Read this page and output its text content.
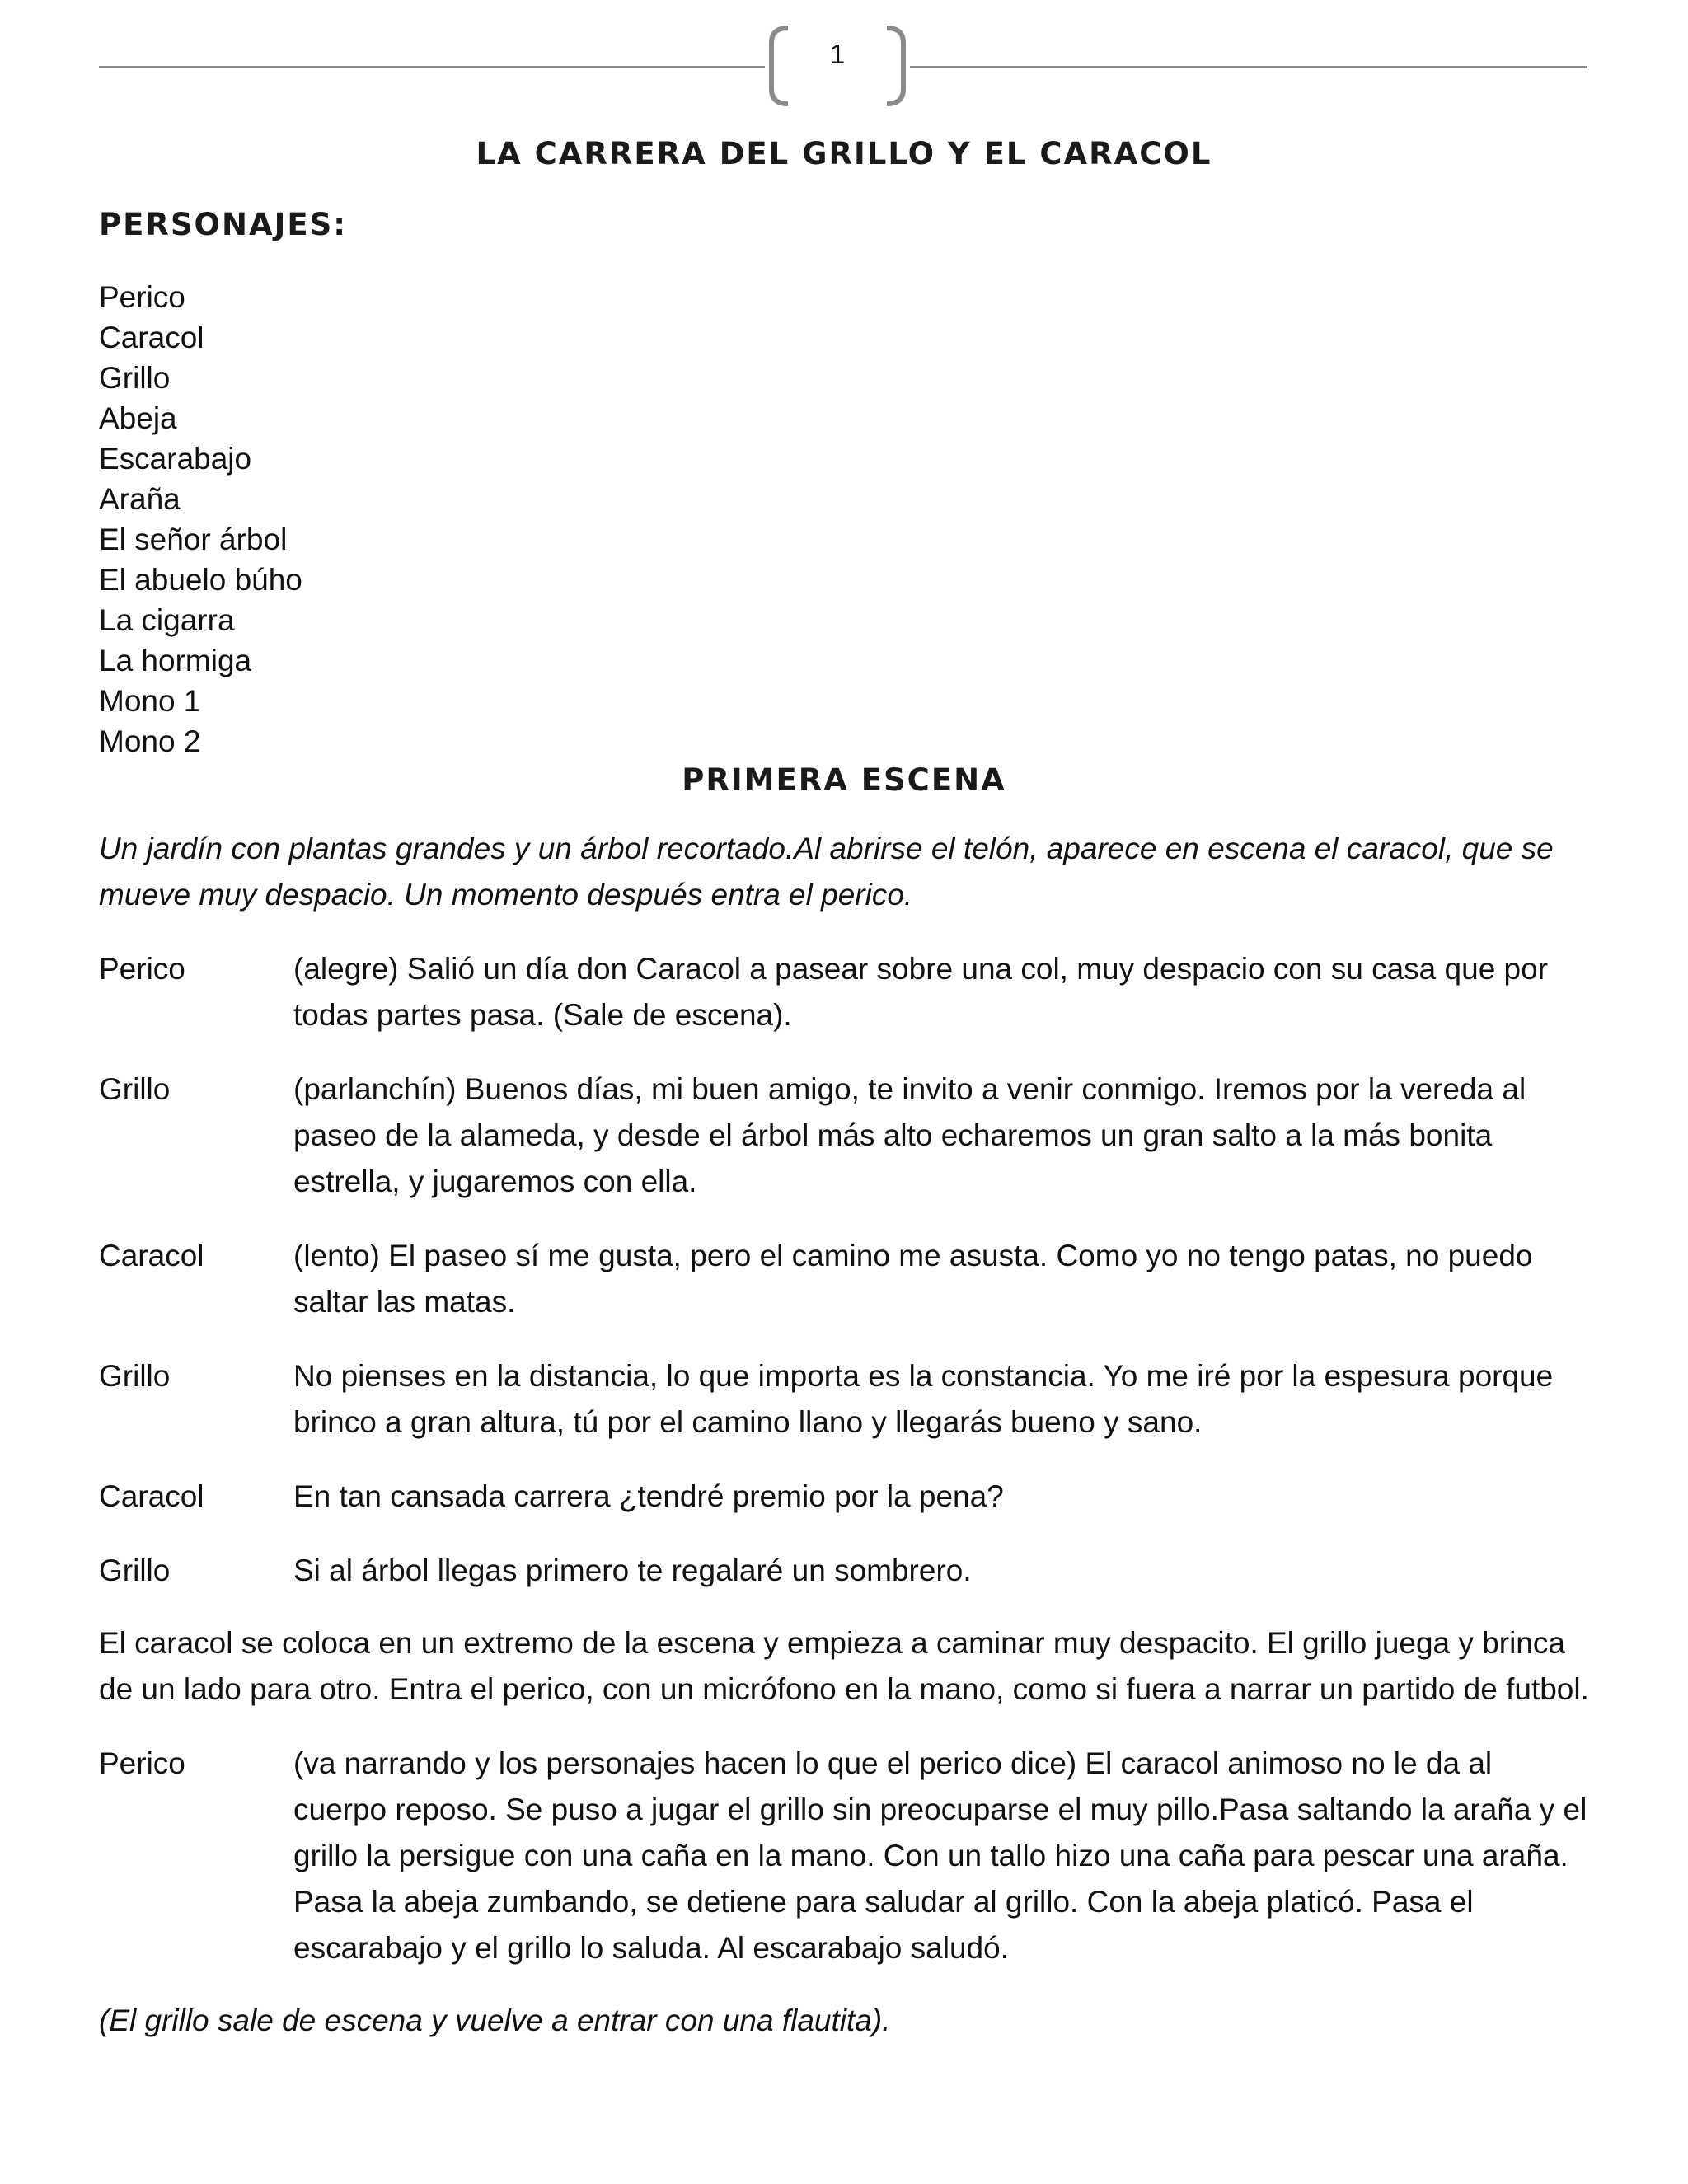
1
LA CARRERA DEL GRILLO Y EL CARACOL
PERSONAJES:
Perico
Caracol
Grillo
Abeja
Escarabajo
Araña
El señor árbol
El abuelo búho
La cigarra
La hormiga
Mono 1
Mono 2
PRIMERA ESCENA

Un jardín con plantas grandes y un árbol recortado.Al abrirse el telón, aparece en escena el caracol, que se mueve muy despacio. Un momento después entra el perico.

Perico	(alegre) Salió un día don Caracol a pasear sobre una col, muy despacio con su casa que por todas partes pasa. (Sale de escena).
Grillo	(parlanchín) Buenos días, mi buen amigo, te invito a venir conmigo. Iremos por la vereda al paseo de la alameda, y desde el árbol más alto echaremos un gran salto a la más bonita estrella, y jugaremos con ella.
Caracol	(lento) El paseo sí me gusta, pero el camino me asusta. Como yo no tengo patas, no puedo saltar las matas.
Grillo	No pienses en la distancia, lo que importa es la constancia. Yo me iré por la espesura porque brinco a gran altura, tú por el camino llano y llegarás bueno y sano.
Caracol	En tan cansada carrera ¿tendré premio por la pena?
Grillo	Si al árbol llegas primero te regalaré un sombrero.

El caracol se coloca en un extremo de la escena y empieza a caminar muy despacito. El grillo juega y brinca de un lado para otro. Entra el perico, con un micrófono en la mano, como si fuera a narrar un partido de futbol.

Perico	(va narrando y los personajes hacen lo que el perico dice) El caracol animoso no le da al cuerpo reposo. Se puso a jugar el grillo sin preocuparse el muy pillo.Pasa saltando la araña y el grillo la persigue con una caña en la mano. Con un tallo hizo una caña para pescar una araña. Pasa la abeja zumbando, se detiene para saludar al grillo. Con la abeja platicó. Pasa el escarabajo y el grillo lo saluda. Al escarabajo saludó.

(El grillo sale de escena y vuelve a entrar con una flautita).
